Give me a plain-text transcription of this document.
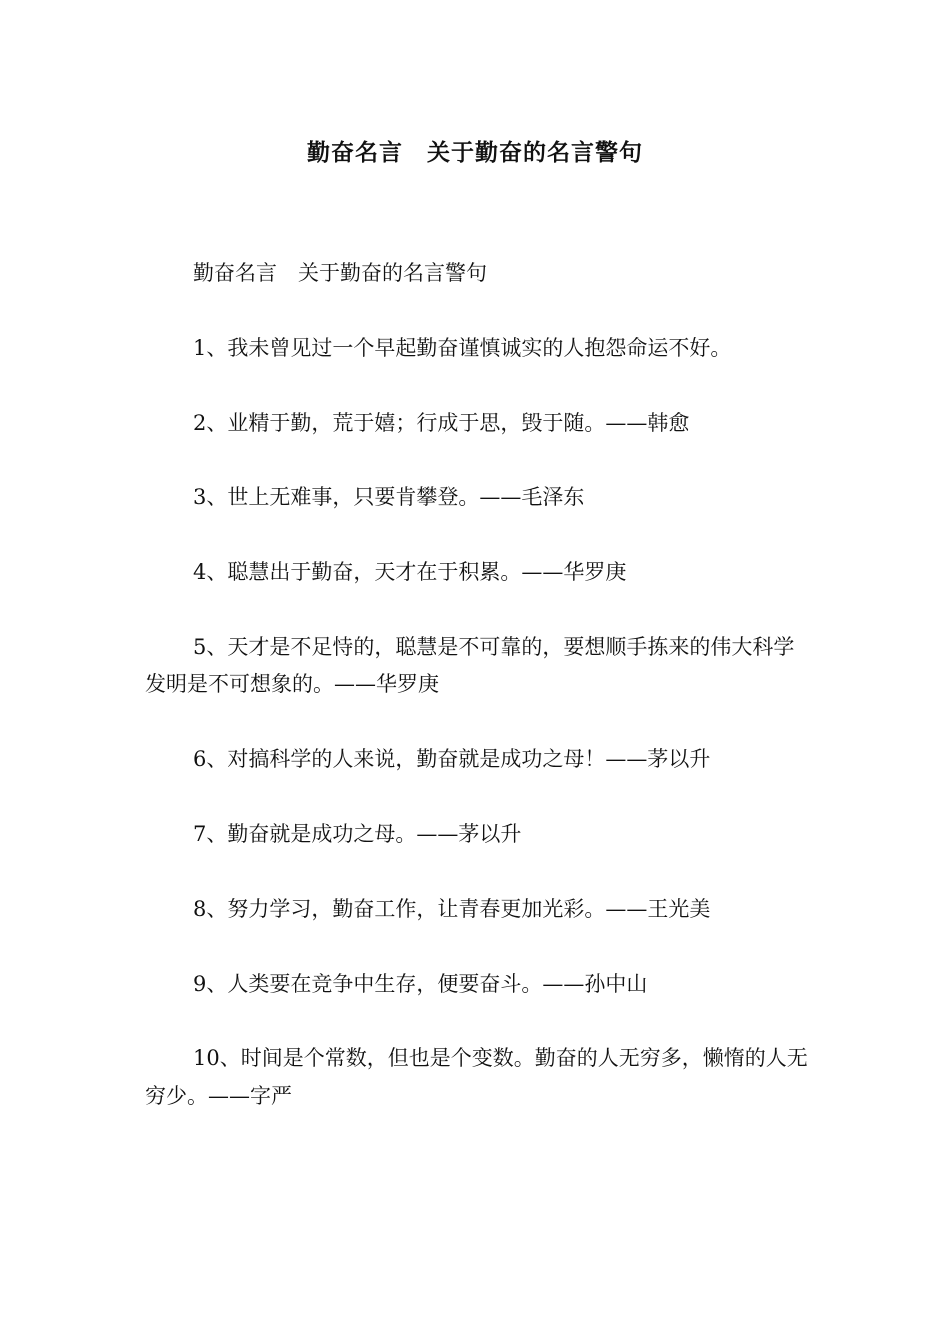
勤奋名言　关于勤奋的名言警句

勤奋名言　关于勤奋的名言警句

1、我未曾见过一个早起勤奋谨慎诚实的人抱怨命运不好。

2、业精于勤，荒于嬉；行成于思，毁于随。——韩愈

3、世上无难事，只要肯攀登。——毛泽东

4、聪慧出于勤奋，天才在于积累。——华罗庚

5、天才是不足恃的，聪慧是不可靠的，要想顺手拣来的伟大科学发明是不可想象的。——华罗庚

6、对搞科学的人来说，勤奋就是成功之母！——茅以升

7、勤奋就是成功之母。——茅以升

8、努力学习，勤奋工作，让青春更加光彩。——王光美

9、人类要在竞争中生存，便要奋斗。——孙中山

10、时间是个常数，但也是个变数。勤奋的人无穷多，懒惰的人无穷少。——字严
